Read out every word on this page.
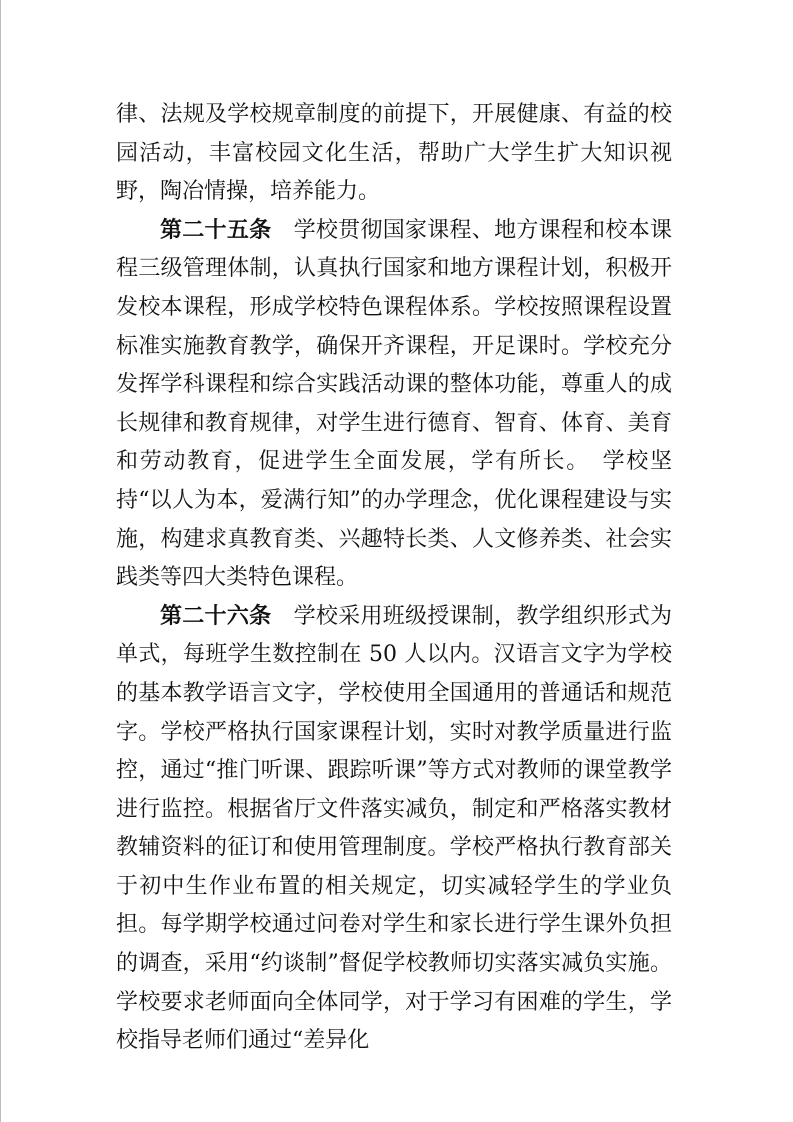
律、法规及学校规章制度的前提下，开展健康、有益的校园活动，丰富校园文化生活，帮助广大学生扩大知识视野，陶冶情操，培养能力。

第二十五条 学校贯彻国家课程、地方课程和校本课程三级管理体制，认真执行国家和地方课程计划，积极开发校本课程，形成学校特色课程体系。学校按照课程设置标准实施教育教学，确保开齐课程，开足课时。学校充分发挥学科课程和综合实践活动课的整体功能，尊重人的成长规律和教育规律，对学生进行德育、智育、体育、美育和劳动教育，促进学生全面发展，学有所长。　学校坚持“以人为本，爱满行知”的办学理念，优化课程建设与实施，构建求真教育类、兴趣特长类、人文修养类、社会实践类等四大类特色课程。

第二十六条 学校采用班级授课制，教学组织形式为单式，每班学生数控制在 50 人以内。汉语言文字为学校的基本教学语言文字，学校使用全国通用的普通话和规范字。学校严格执行国家课程计划，实时对教学质量进行监控，通过“推门听课、跟踪听课”等方式对教师的课堂教学进行监控。根据省厅文件落实减负，制定和严格落实教材教辅资料的征订和使用管理制度。学校严格执行教育部关于初中生作业布置的相关规定，切实减轻学生的学业负担。每学期学校通过问卷对学生和家长进行学生课外负担的调查，采用“约谈制”督促学校教师切实落实减负实施。学校要求老师面向全体同学，对于学习有困难的学生，学校指导老师们通过“差异化
